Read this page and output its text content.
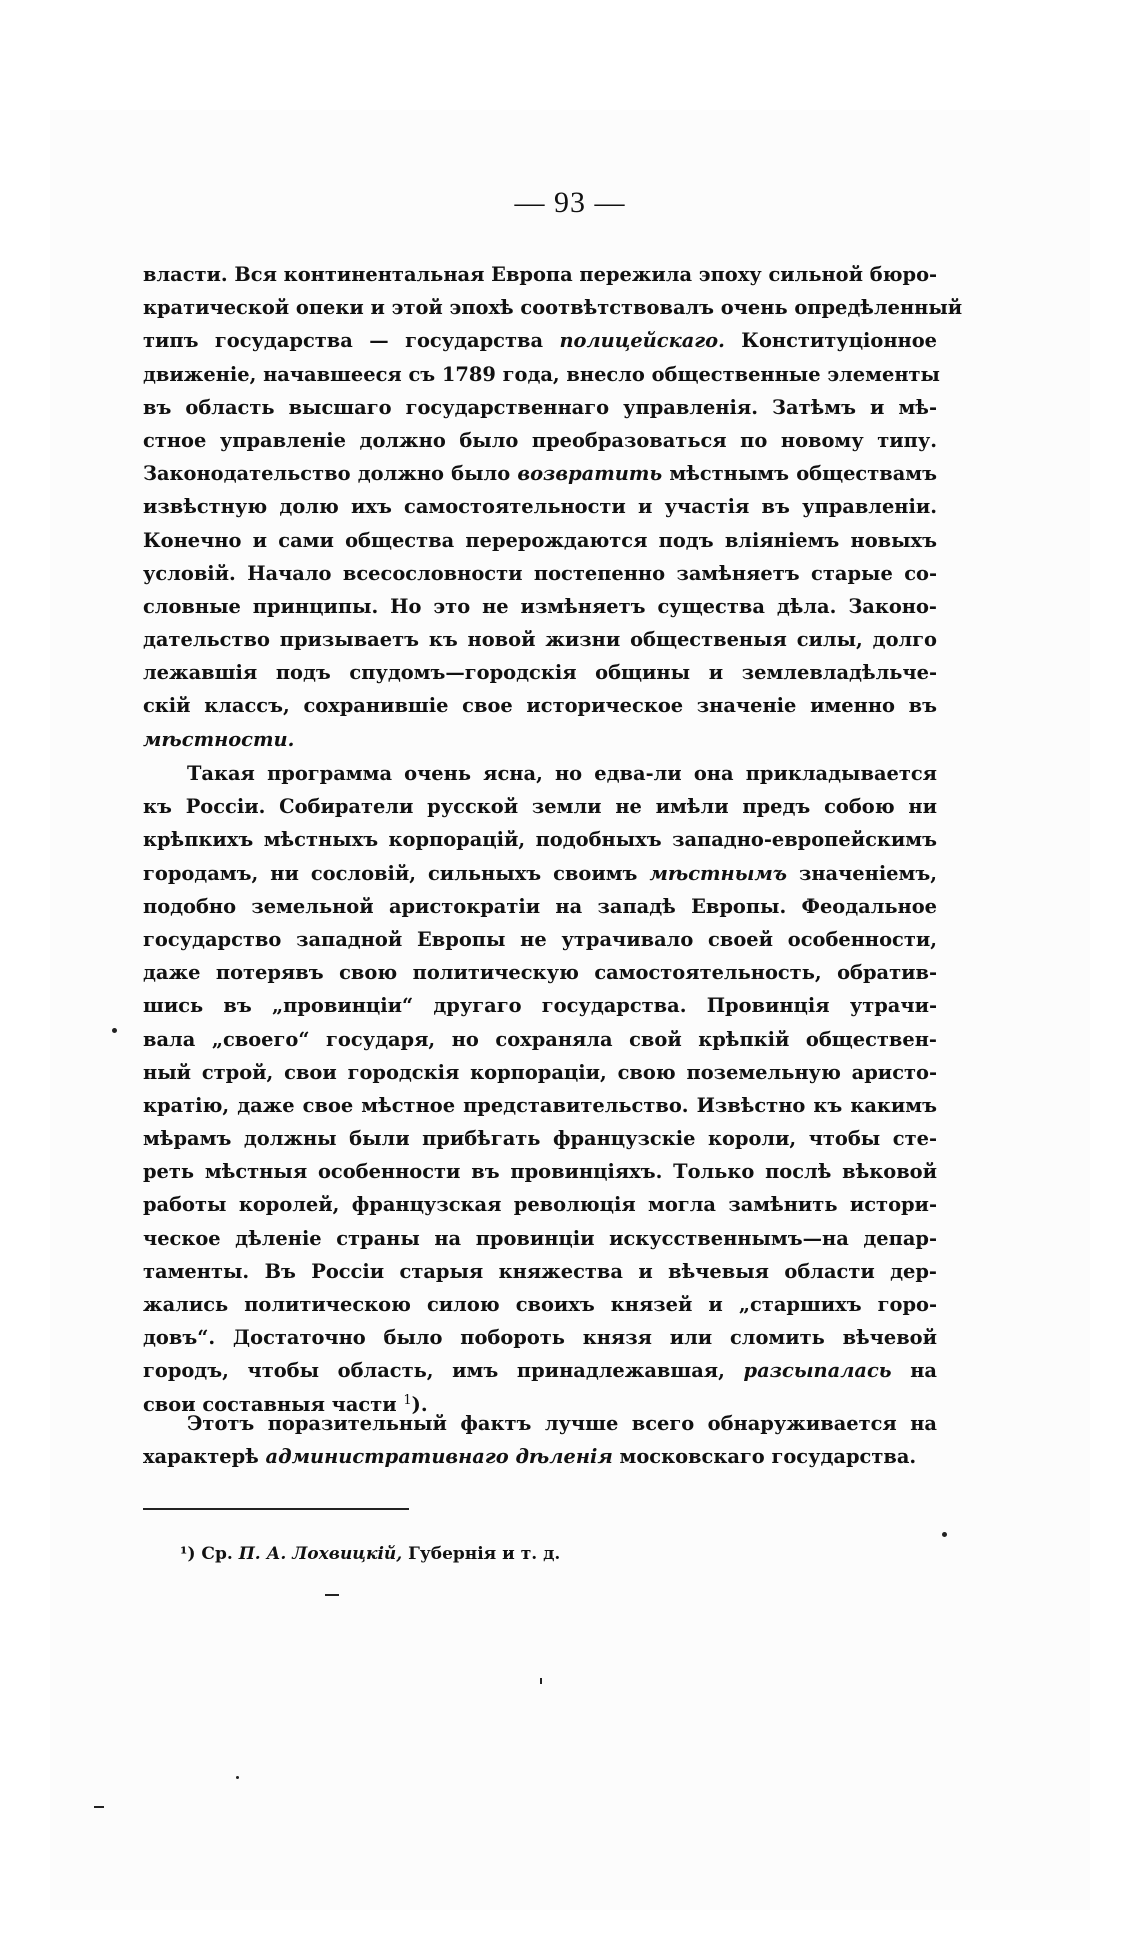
— 93 —
власти. Вся континентальная Европа пережила эпоху сильной бюро-
кратической опеки и этой эпохѣ соотвѣтствовалъ очень опредѣленный
типъ государства — государства полицейскаго. Конституціонное
движеніе, начавшееся съ 1789 года, внесло общественные элементы
въ область высшаго государственнаго управленія. Затѣмъ и мѣ-
стное управленіе должно было преобразоваться по новому типу.
Законодательство должно было возвратить мѣстнымъ обществамъ
извѣстную долю ихъ самостоятельности и участія въ управленіи.
Конечно и сами общества перерождаются подъ вліяніемъ новыхъ
условій. Начало всесословности постепенно замѣняетъ старые со-
словные принципы. Но это не измѣняетъ существа дѣла. Законо-
дательство призываетъ къ новой жизни общественыя силы, долго
лежавшія подъ спудомъ—городскія общины и землевладѣльче-
скій классъ, сохранившіе свое историческое значеніе именно въ
мѣстности.
Такая программа очень ясна, но едва-ли она прикладывается
къ Россіи. Собиратели русской земли не имѣли предъ собою ни
крѣпкихъ мѣстныхъ корпорацій, подобныхъ западно-европейскимъ
городамъ, ни сословій, сильныхъ своимъ мѣстнымъ значеніемъ,
подобно земельной аристократіи на западѣ Европы. Феодальное
государство западной Европы не утрачивало своей особенности,
даже потерявъ свою политическую самостоятельность, обратив-
шись въ „провинціи“ другаго государства. Провинція утрачи-
вала „своего“ государя, но сохраняла свой крѣпкій обществен-
ный строй, свои городскія корпораціи, свою поземельную аристо-
кратію, даже свое мѣстное представительство. Извѣстно къ какимъ
мѣрамъ должны были прибѣгать французскіе короли, чтобы сте-
реть мѣстныя особенности въ провинціяхъ. Только послѣ вѣковой
работы королей, французская революція могла замѣнить истори-
ческое дѣленіе страны на провинціи искусственнымъ—на депар-
таменты. Въ Россіи старыя княжества и вѣчевыя области дер-
жались политическою силою своихъ князей и „старшихъ горо-
довъ“. Достаточно было побороть князя или сломить вѣчевой
городъ, чтобы область, имъ принадлежавшая, разсыпалась на
свои составныя части $^1$).
Этотъ поразительный фактъ лучше всего обнаруживается на
характерѣ административнаго дѣленія московскаго государства.
¹) Ср. П. А. Лохвицкій, Губернія и т. д.
